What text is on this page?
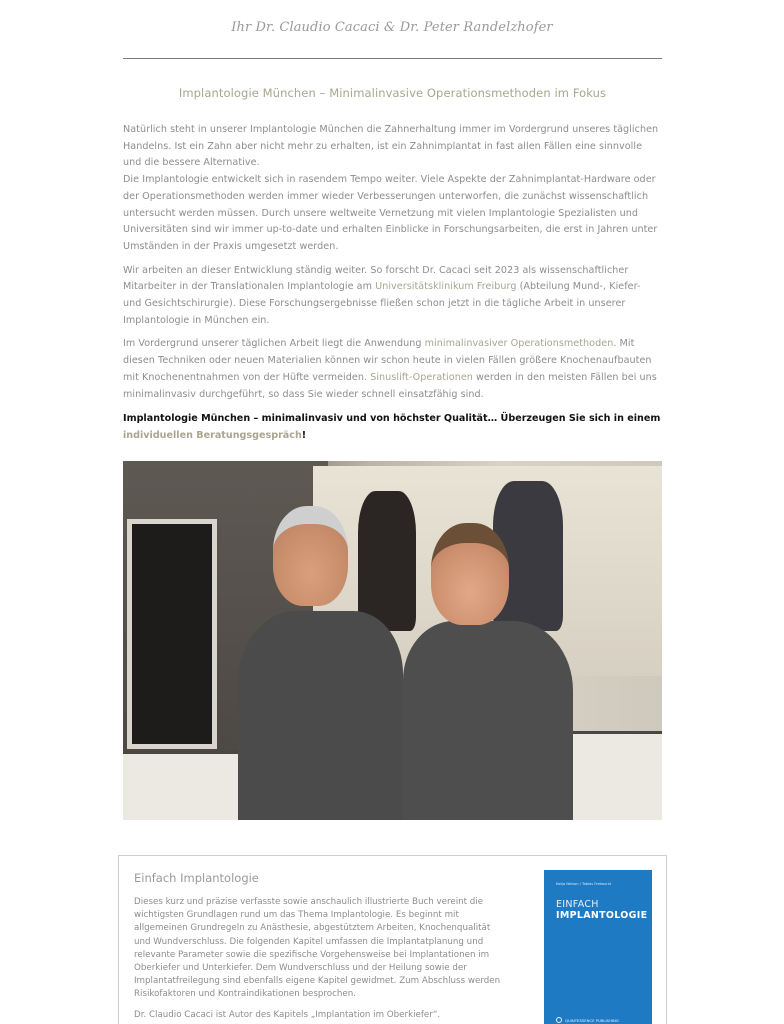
Ihr Dr. Claudio Cacaci & Dr. Peter Randelzhofer
Implantologie München – Minimalinvasive Operationsmethoden im Fokus

Natürlich steht in unserer Implantologie München die Zahnerhaltung immer im Vordergrund unseres täglichen Handelns. Ist ein Zahn aber nicht mehr zu erhalten, ist ein Zahnimplantat in fast allen Fällen eine sinnvolle und die bessere Alternative.
Die Implantologie entwickelt sich in rasendem Tempo weiter. Viele Aspekte der Zahnimplantat-Hardware oder der Operationsmethoden werden immer wieder Verbesserungen unterworfen, die zunächst wissenschaftlich untersucht werden müssen. Durch unsere weltweite Vernetzung mit vielen Implantologie Spezialisten und Universitäten sind wir immer up-to-date und erhalten Einblicke in Forschungsarbeiten, die erst in Jahren unter Umständen in der Praxis umgesetzt werden.

Wir arbeiten an dieser Entwicklung ständig weiter. So forscht Dr. Cacaci seit 2023 als wissenschaftlicher Mitarbeiter in der Translationalen Implantologie am Universitätsklinikum Freiburg (Abteilung Mund-, Kiefer- und Gesichtschirurgie). Diese Forschungsergebnisse fließen schon jetzt in die tägliche Arbeit in unserer Implantologie in München ein.

Im Vordergrund unserer täglichen Arbeit liegt die Anwendung minimalinvasiver Operationsmethoden. Mit diesen Techniken oder neuen Materialien können wir schon heute in vielen Fällen größere Knochenaufbauten mit Knochenentnahmen von der Hüfte vermeiden. Sinuslift-Operationen werden in den meisten Fällen bei uns minimalinvasiv durchgeführt, so dass Sie wieder schnell einsatzfähig sind.

Implantologie München – minimalinvasiv und von höchster Qualität… Überzeugen Sie sich in einem individuellen Beratungsgespräch!

Einfach Implantologie

Dieses kurz und präzise verfasste sowie anschaulich illustrierte Buch vereint die wichtigsten Grundlagen rund um das Thema Implantologie. Es beginnt mit allgemeinen Grundregeln zu Anästhesie, abgestütztem Arbeiten, Knochenqualität und Wundverschluss. Die folgenden Kapitel umfassen die Implantatplanung und relevante Parameter sowie die spezifische Vorgehensweise bei Implantationen im Oberkiefer und Unterkiefer. Dem Wundverschluss und der Heilung sowie der Implantatfreilegung sind ebenfalls eigene Kapitel gewidmet. Zum Abschluss werden Risikofaktoren und Kontraindikationen besprochen.

Dr. Claudio Cacaci ist Autor des Kapitels „Implantation im Oberkiefer“.

Katja Nelson / Tobias Fretwurst
EINFACH
IMPLANTOLOGIE
QUINTESSENCE PUBLISHING
